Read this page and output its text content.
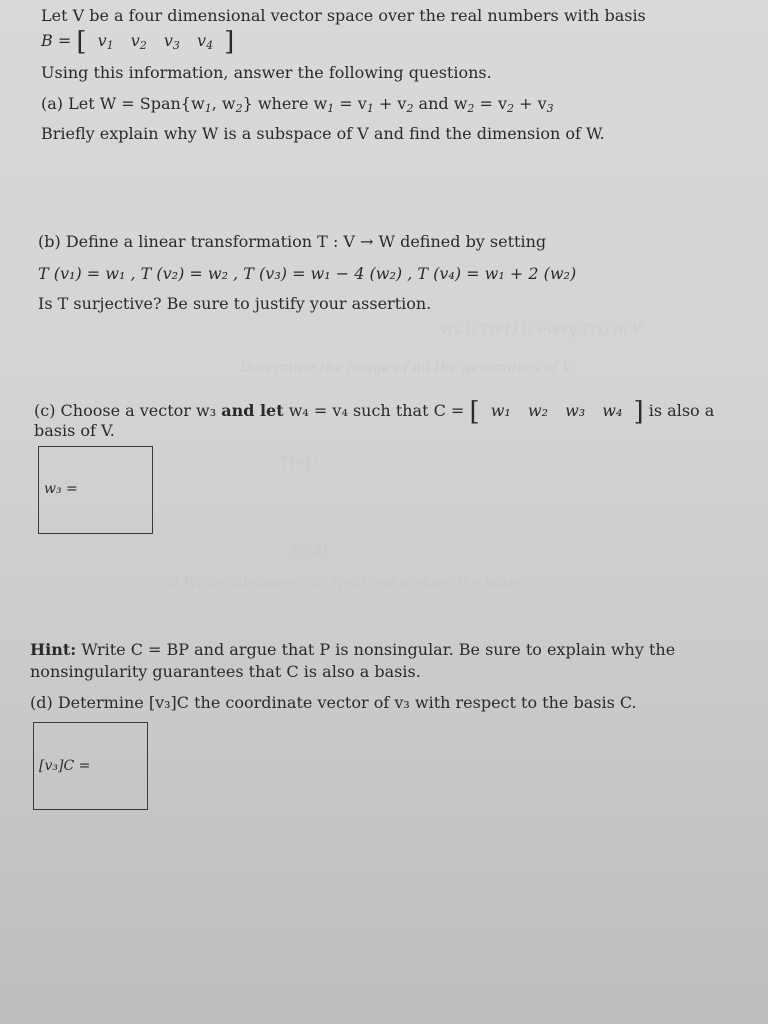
Let V be a four dimensional vector space over the real numbers with basis
B = [ $v_1$ $v_2$ $v_3$ $v_4$ ]
Using this information, answer the following questions.
(a) Let $W = Span\{w_1$, $w_2$} where $w_1 = v_1 + v_2$ and $w_2 = v_2 + v_3$
Briefly explain why W is a subspace of V and find the dimension of W.
(b) Define a linear transformation T : V → W defined by setting
T (v₁) = w₁ , T (v₂) = w₂ , T (v₃) = w₁ − 4 (w₂) , T (v₄) = w₁ + 2 (w₂)
Is T surjective? Be sure to justify your assertion.
v(v3) T(v1) is every T(x) in V
Determine the image of all the generators of V
(c) Choose a vector w₃ and let w₄ = v₄ such that C = [ w₁ w₂ w₃ w₄ ] is also a
basis of V.
w₃ =
T(v4)
T(v3)
(v) Write subspaces for T(v2) and deduce the basis
Hint: Write C = BP and argue that P is nonsingular. Be sure to explain why the
nonsingularity guarantees that C is also a basis.
(d) Determine [v₃]C the coordinate vector of v₃ with respect to the basis C.
[v₃]C =
Theorem of every Rank-Nullity Theorem
